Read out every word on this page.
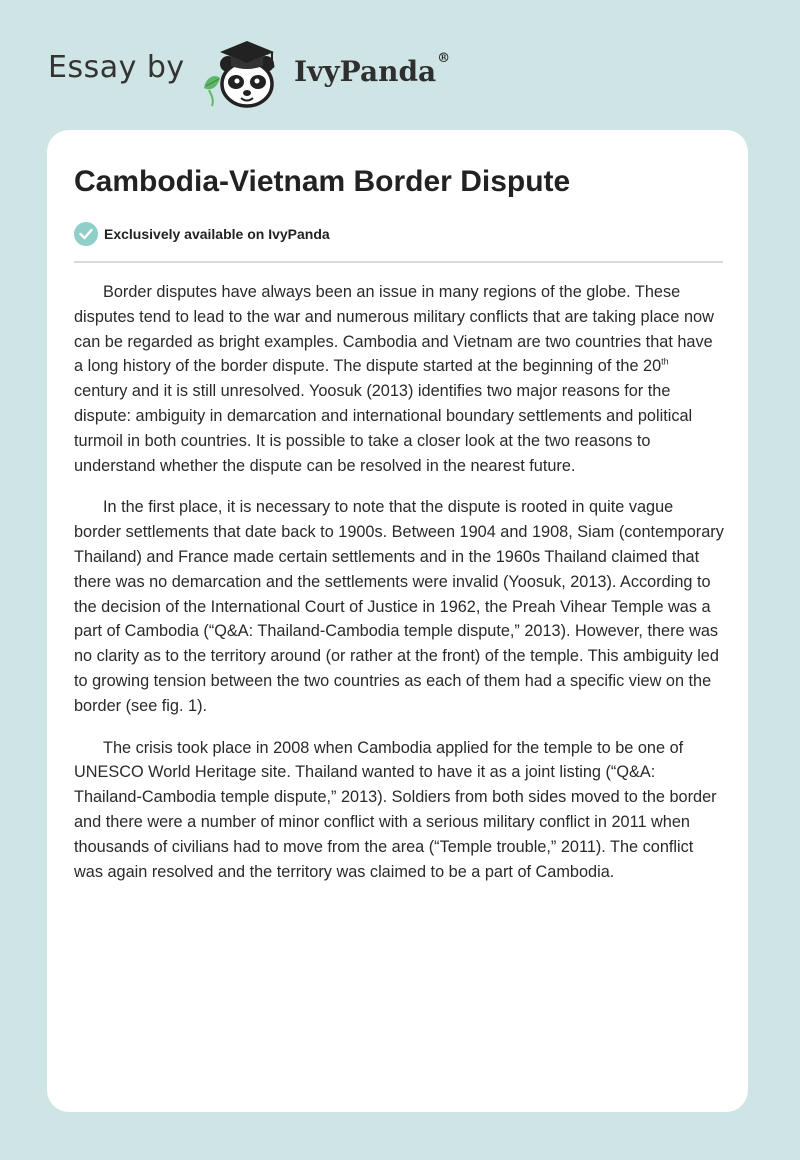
Essay by	IvyPanda®
Cambodia-Vietnam Border Dispute
Exclusively available on IvyPanda

Border disputes have always been an issue in many regions of the globe. These disputes tend to lead to the war and numerous military conflicts that are taking place now can be regarded as bright examples. Cambodia and Vietnam are two countries that have a long history of the border dispute. The dispute started at the beginning of the 20th century and it is still unresolved. Yoosuk (2013) identifies two major reasons for the dispute: ambiguity in demarcation and international boundary settlements and political turmoil in both countries. It is possible to take a closer look at the two reasons to understand whether the dispute can be resolved in the nearest future.

In the first place, it is necessary to note that the dispute is rooted in quite vague border settlements that date back to 1900s. Between 1904 and 1908, Siam (contemporary Thailand) and France made certain settlements and in the 1960s Thailand claimed that there was no demarcation and the settlements were invalid (Yoosuk, 2013). According to the decision of the International Court of Justice in 1962, the Preah Vihear Temple was a part of Cambodia (“Q&A: Thailand-Cambodia temple dispute,” 2013). However, there was no clarity as to the territory around (or rather at the front) of the temple. This ambiguity led to growing tension between the two countries as each of them had a specific view on the border (see fig. 1).

The crisis took place in 2008 when Cambodia applied for the temple to be one of UNESCO World Heritage site. Thailand wanted to have it as a joint listing (“Q&A: Thailand-Cambodia temple dispute,” 2013). Soldiers from both sides moved to the border and there were a number of minor conflict with a serious military conflict in 2011 when thousands of civilians had to move from the area (“Temple trouble,” 2011). The conflict was again resolved and the territory was claimed to be a part of Cambodia.
